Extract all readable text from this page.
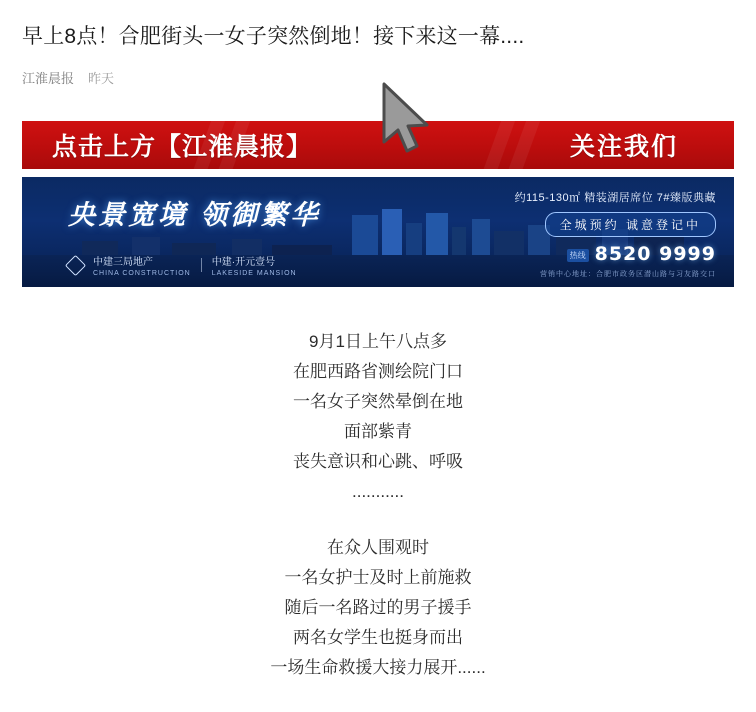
早上8点！合肥街头一女子突然倒地！接下来这一幕....
江淮晨报 昨天
点击上方【江淮晨报】	关注我们
央景宽境 领御繁华
中建三局地产
CHINA CONSTRUCTION
中建·开元壹号
LAKESIDE MANSION
约115-130㎡ 精装湖居席位 7#臻版典藏
全城预约 诚意登记中
热线 8520 9999
营销中心地址：合肥市政务区潜山路与习友路交口
9月1日上午八点多
在肥西路省测绘院门口
一名女子突然晕倒在地
面部紫青
丧失意识和心跳、呼吸
...........
在众人围观时
一名女护士及时上前施救
随后一名路过的男子援手
两名女学生也挺身而出
一场生命救援大接力展开......
